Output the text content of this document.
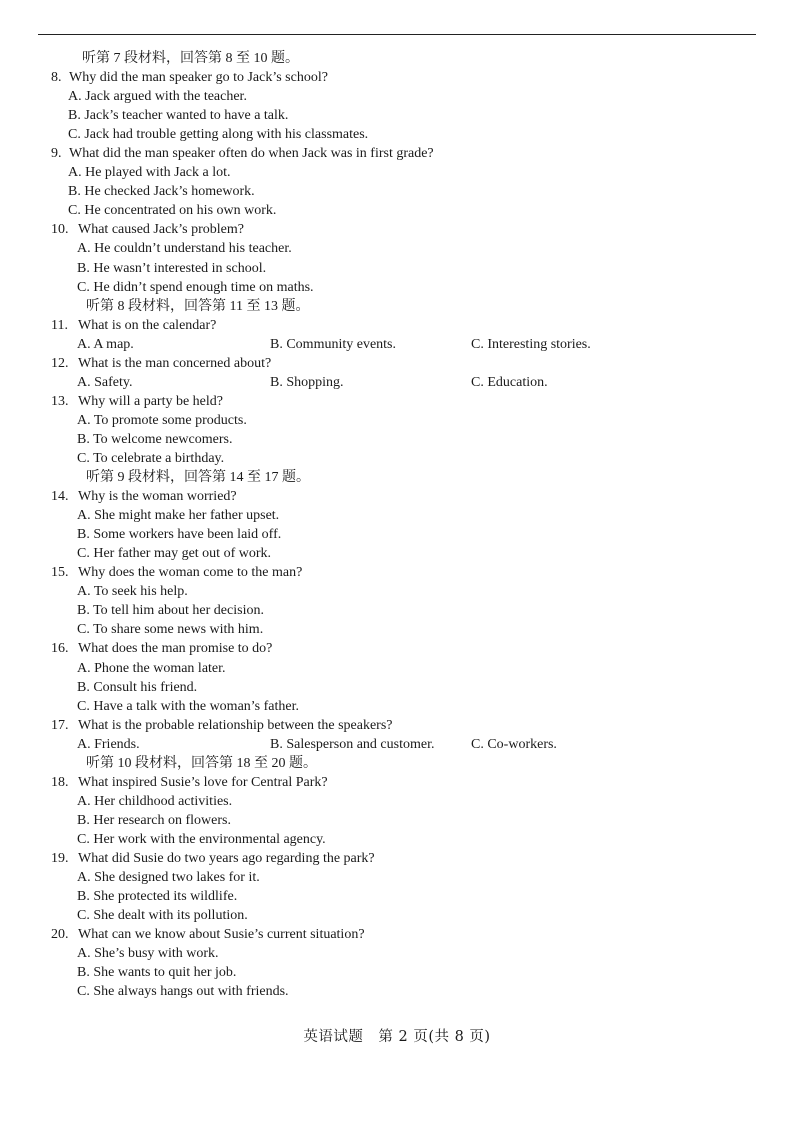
听第 7 段材料，回答第 8 至 10 题。
8. Why did the man speaker go to Jack’s school?
A. Jack argued with the teacher.
B. Jack’s teacher wanted to have a talk.
C. Jack had trouble getting along with his classmates.
9. What did the man speaker often do when Jack was in first grade?
A. He played with Jack a lot.
B. He checked Jack’s homework.
C. He concentrated on his own work.
10. What caused Jack’s problem?
A. He couldn’t understand his teacher.
B. He wasn’t interested in school.
C. He didn’t spend enough time on maths.
听第 8 段材料，回答第 11 至 13 题。
11. What is on the calendar?
A. A map.	B. Community events.	C. Interesting stories.
12. What is the man concerned about?
A. Safety.	B. Shopping.	C. Education.
13. Why will a party be held?
A. To promote some products.
B. To welcome newcomers.
C. To celebrate a birthday.
听第 9 段材料，回答第 14 至 17 题。
14. Why is the woman worried?
A. She might make her father upset.
B. Some workers have been laid off.
C. Her father may get out of work.
15. Why does the woman come to the man?
A. To seek his help.
B. To tell him about her decision.
C. To share some news with him.
16. What does the man promise to do?
A. Phone the woman later.
B. Consult his friend.
C. Have a talk with the woman’s father.
17. What is the probable relationship between the speakers?
A. Friends.	B. Salesperson and customer.	C. Co-workers.
听第 10 段材料，回答第 18 至 20 题。
18. What inspired Susie’s love for Central Park?
A. Her childhood activities.
B. Her research on flowers.
C. Her work with the environmental agency.
19. What did Susie do two years ago regarding the park?
A. She designed two lakes for it.
B. She protected its wildlife.
C. She dealt with its pollution.
20. What can we know about Susie’s current situation?
A. She’s busy with work.
B. She wants to quit her job.
C. She always hangs out with friends.
英语试题　第 2 页(共 8 页)
